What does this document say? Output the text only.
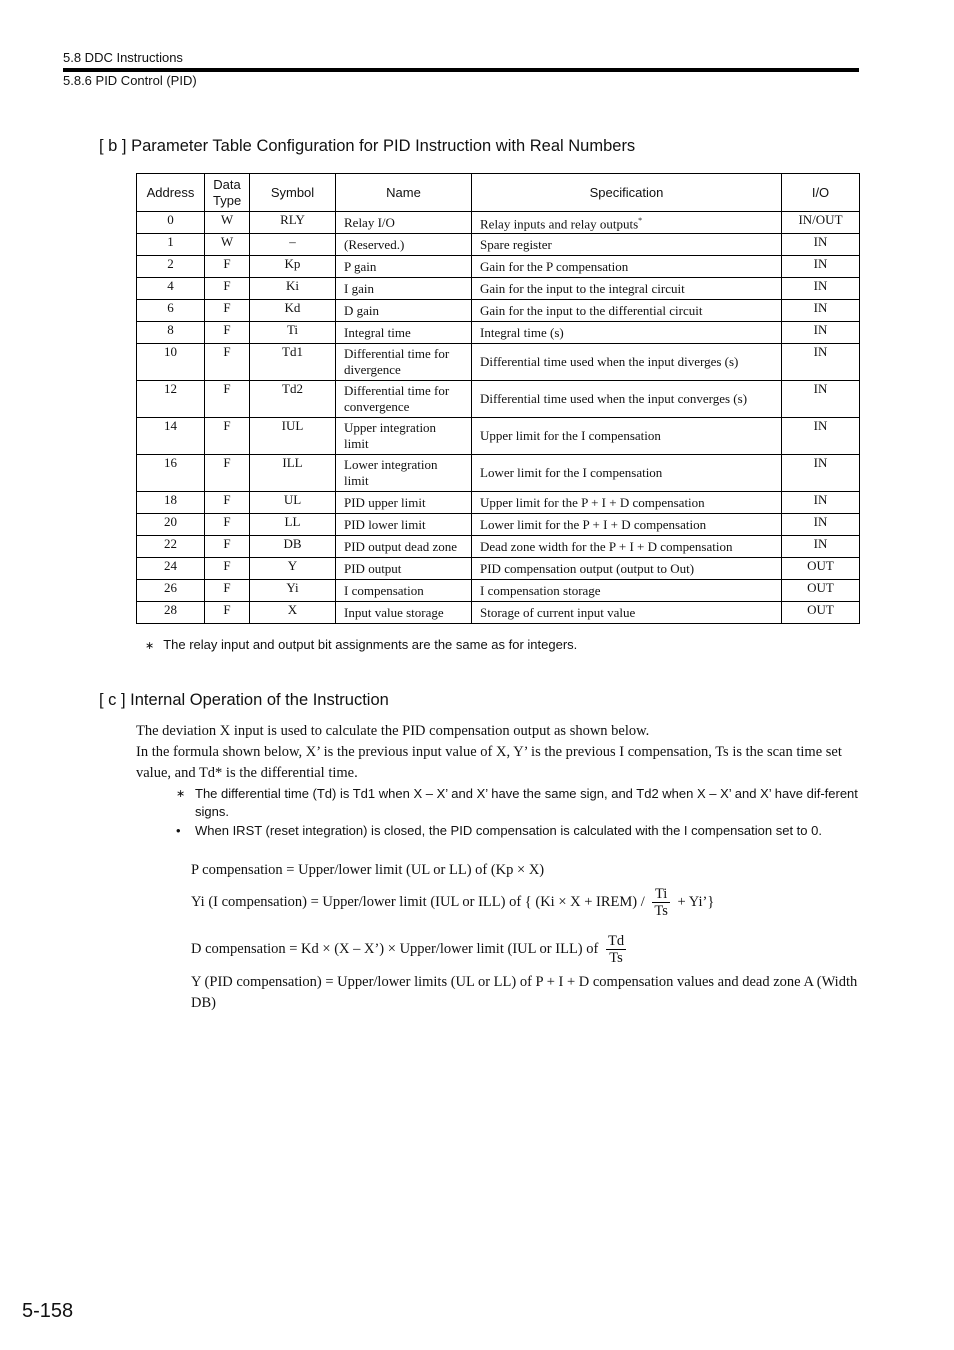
5.8 DDC Instructions
5.8.6 PID Control (PID)
[ b ] Parameter Table Configuration for PID Instruction with Real Numbers
Address	Data Type	Symbol	Name	Specification	I/O
0	W	RLY	Relay I/O	Relay inputs and relay outputs*	IN/OUT
1	W	–	(Reserved.)	Spare register	IN
2	F	Kp	P gain	Gain for the P compensation	IN
4	F	Ki	I gain	Gain for the input to the integral circuit	IN
6	F	Kd	D gain	Gain for the input to the differential circuit	IN
8	F	Ti	Integral time	Integral time (s)	IN
10	F	Td1	Differential time for divergence	Differential time used when the input diverges (s)	IN
12	F	Td2	Differential time for convergence	Differential time used when the input converges (s)	IN
14	F	IUL	Upper integration limit	Upper limit for the I compensation	IN
16	F	ILL	Lower integration limit	Lower limit for the I compensation	IN
18	F	UL	PID upper limit	Upper limit for the P + I + D compensation	IN
20	F	LL	PID lower limit	Lower limit for the P + I + D compensation	IN
22	F	DB	PID output dead zone	Dead zone width for the P + I + D compensation	IN
24	F	Y	PID output	PID compensation output (output to Out)	OUT
26	F	Yi	I compensation	I compensation storage	OUT
28	F	X	Input value storage	Storage of current input value	OUT
∗ The relay input and output bit assignments are the same as for integers.
[ c ] Internal Operation of the Instruction
The deviation X input is used to calculate the PID compensation output as shown below.
In the formula shown below, X’ is the previous input value of X, Y’ is the previous I compensation, Ts is the scan time set value, and Td* is the differential time.
∗ The differential time (Td) is Td1 when X – X’ and X’ have the same sign, and Td2 when X – X’ and X’ have dif-ferent signs.
• When IRST (reset integration) is closed, the PID compensation is calculated with the I compensation set to 0.
P compensation = Upper/lower limit (UL or LL) of (Kp × X)
Yi (I compensation) = Upper/lower limit (IUL or ILL) of { (Ki × X + IREM) / $\frac{Ti}{Ts}$ + Yi’}
D compensation = Kd × (X – X’) × Upper/lower limit (IUL or ILL) of $\frac{Td}{Ts}$
Y (PID compensation) = Upper/lower limits (UL or LL) of P + I + D compensation values and dead zone A (Width DB)
5-158
